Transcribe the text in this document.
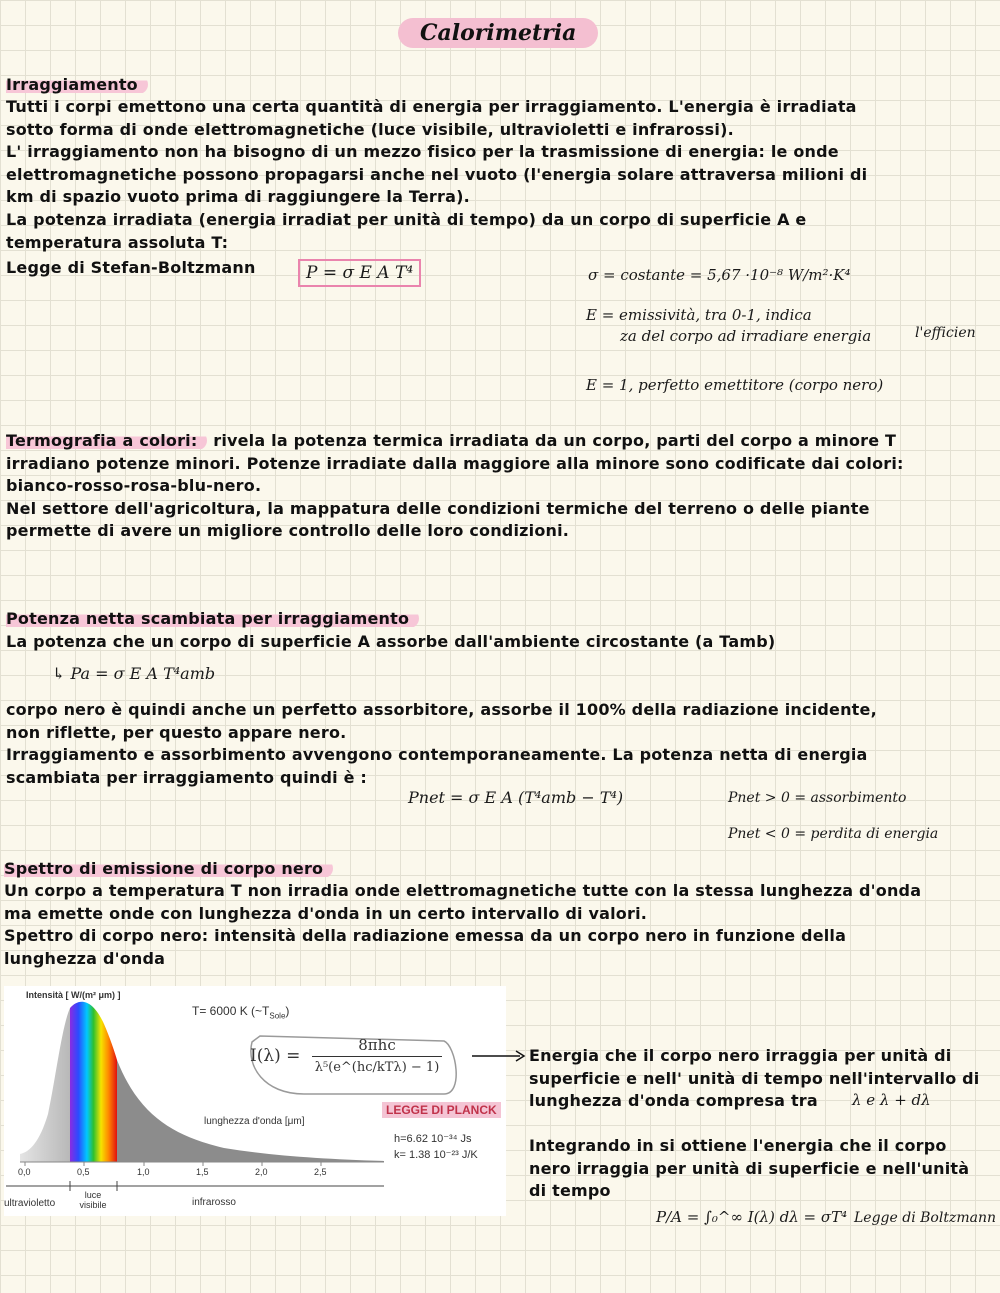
Calorimetria
Irraggiamento
Tutti i corpi emettono una certa quantità di energia per irraggiamento. L'energia è irradiata
sotto forma di onde elettromagnetiche (luce visibile, ultravioletti e infrarossi).
L' irraggiamento non ha bisogno di un mezzo fisico per la trasmissione di energia: le onde
elettromagnetiche possono propagarsi anche nel vuoto (l'energia solare attraversa milioni di
km di spazio vuoto prima di raggiungere la Terra).
La potenza irradiata (energia irradiat per unità di tempo) da un corpo di superficie A e
temperatura assoluta T:
Legge di Stefan-Boltzmann	P = σ E A T⁴	σ = costante = 5,67 ·10⁻⁸ W/m²·K⁴
E = emissività, tra 0-1, indica
za del corpo ad irradiare energia	l'efficien
E = 1, perfetto emettitore (corpo nero)
Termografia a colori: rivela la potenza termica irradiata da un corpo, parti del corpo a minore T
irradiano potenze minori. Potenze irradiate dalla maggiore alla minore sono codificate dai colori:
bianco-rosso-rosa-blu-nero.
Nel settore dell'agricoltura, la mappatura delle condizioni termiche del terreno o delle piante
permette di avere un migliore controllo delle loro condizioni.
Potenza netta scambiata per irraggiamento
La potenza che un corpo di superficie A assorbe dall'ambiente circostante (a Tamb)
↳ Pa = σ E A T⁴amb
corpo nero è quindi anche un perfetto assorbitore, assorbe il 100% della radiazione incidente,
non riflette, per questo appare nero.
Irraggiamento e assorbimento avvengono contemporaneamente. La potenza netta di energia
scambiata per irraggiamento quindi è :
Pnet = σ E A (T⁴amb − T⁴)	Pnet > 0 = assorbimento
Pnet < 0 = perdita di energia
Spettro di emissione di corpo nero
Un corpo a temperatura T non irradia onde elettromagnetiche tutte con la stessa lunghezza d'onda
ma emette onde con lunghezza d'onda in un certo intervallo di valori.
Spettro di corpo nero: intensità della radiazione emessa da un corpo nero in funzione della
lunghezza d'onda
Intensità [ W/(m² μm) ]
T= 6000 K $(\sim T_{Sole})$
I(λ) =
8πhc
λ⁵(e^(hc/kTλ) − 1)
LEGGE DI PLANCK
lunghezza d'onda [μm]
h=6.62 10⁻³⁴ Js
k= 1.38 10⁻²³ J/K
0,0	0,5	1,0	1,5	2,0	2,5
ultravioletto
luce
visibile	infrarosso
Energia che il corpo nero irraggia per unità di
superficie e nell' unità di tempo nell'intervallo di
lunghezza d'onda compresa tra	λ e λ + dλ
Integrando in si ottiene l'energia che il corpo
nero irraggia per unità di superficie e nell'unità
di tempo
P/A = ∫₀^∞ I(λ) dλ = σT⁴ Legge di Boltzmann
